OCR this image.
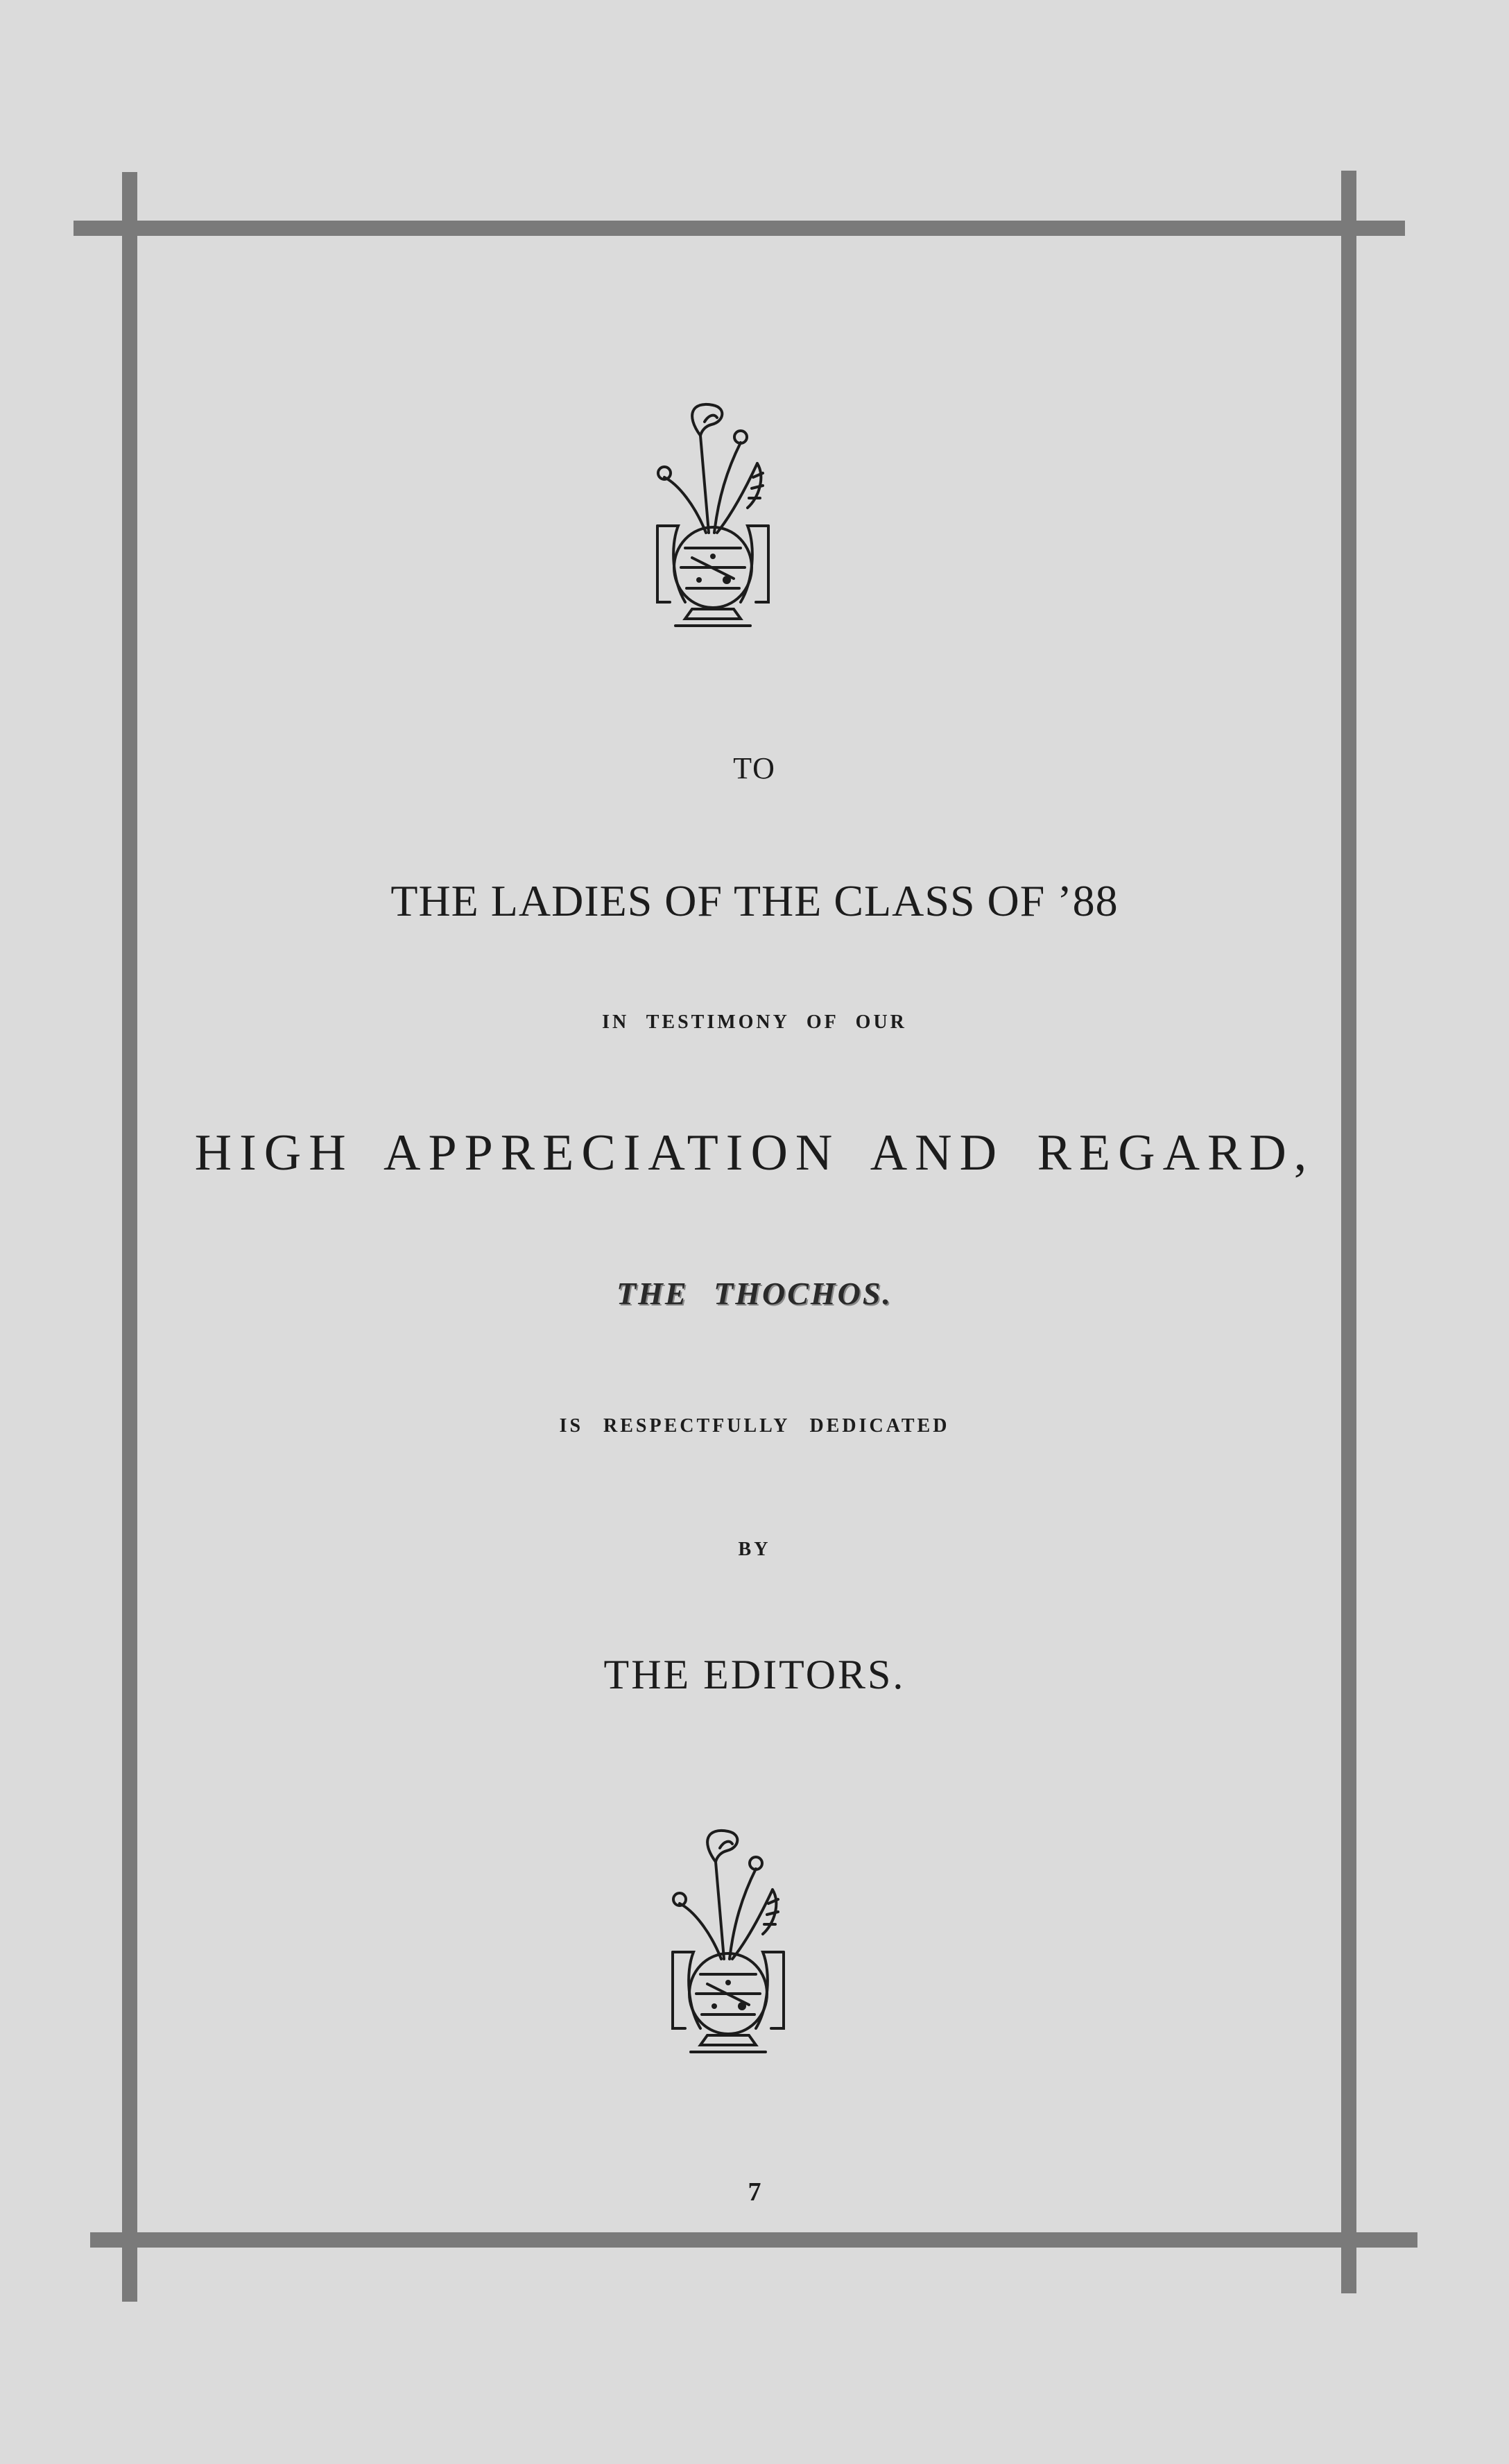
TO
THE LADIES OF THE CLASS OF ’88
IN TESTIMONY OF OUR
HIGH APPRECIATION AND REGARD,
THE THOCHOS.
IS RESPECTFULLY DEDICATED
BY
THE EDITORS.
7
